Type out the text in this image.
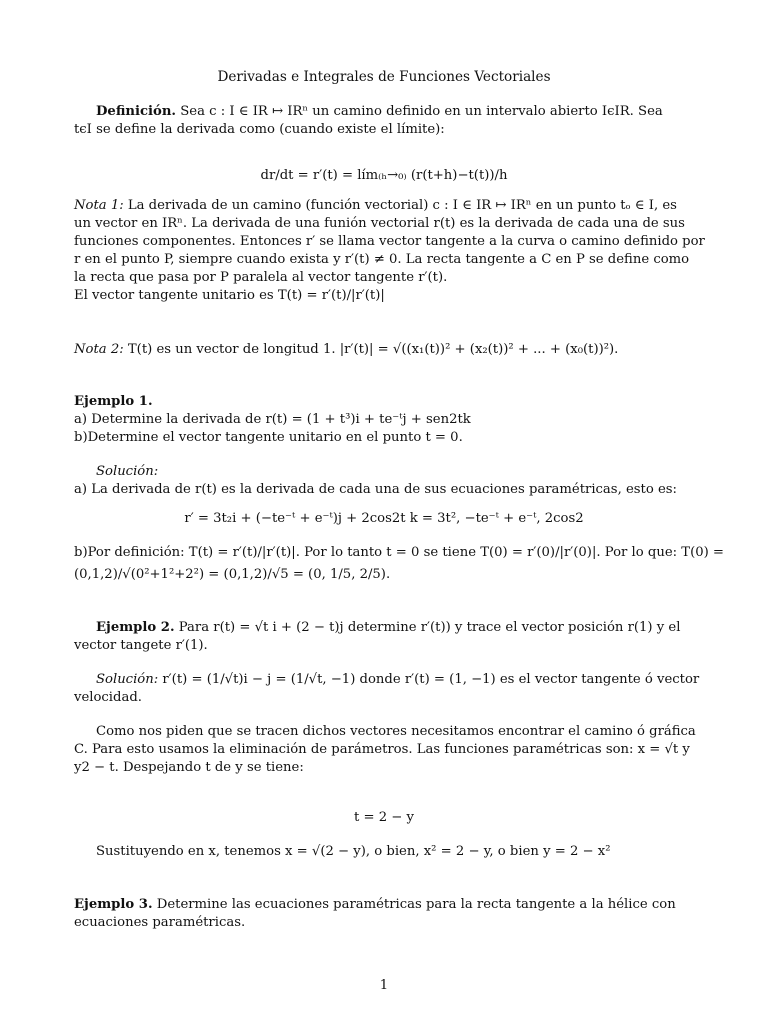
Derivadas e Integrales de Funciones Vectoriales
Definición. Sea c : I ∈ IR ↦ IRⁿ un camino definido en un intervalo abierto IϵIR. Sea
tϵI se define la derivada como (cuando existe el límite):
dr/dt = r′(t) = lím₍ₕ→₀₎ (r(t+h)−t(t))/h
Nota 1: La derivada de un camino (función vectorial) c : I ∈ IR ↦ IRⁿ en un punto tₒ ∈ I, es
un vector en IRⁿ. La derivada de una funión vectorial r(t) es la derivada de cada una de sus
funciones componentes. Entonces r′ se llama vector tangente a la curva o camino definido por
r en el punto P, siempre cuando exista y r′(t) ≠ 0. La recta tangente a C en P se define como
la recta que pasa por P paralela al vector tangente r′(t).
El vector tangente unitario es T(t) = r′(t)/|r′(t)|
Nota 2: T(t) es un vector de longitud 1. |r′(t)| = √((x₁(t))² + (x₂(t))² + ... + (x₀(t))²).
Ejemplo 1.
a) Determine la derivada de r(t) = (1 + t³)i + te⁻ᵗj + sen2tk
b)Determine el vector tangente unitario en el punto t = 0.
Solución:
a) La derivada de r(t) es la derivada de cada una de sus ecuaciones paramétricas, esto es:
r′ = 3t₂i + (−te⁻ᵗ + e⁻ᵗ)j + 2cos2t k = 3t², −te⁻ᵗ + e⁻ᵗ, 2cos2
b)Por definición: T(t) = r′(t)/|r′(t)|. Por lo tanto t = 0 se tiene T(0) = r′(0)/|r′(0)|. Por lo que: T(0) =
(0,1,2)/√(0²+1²+2²) = (0,1,2)/√5 = (0, 1/5, 2/5).
Ejemplo 2. Para r(t) = √t i + (2 − t)j determine r′(t)) y trace el vector posición r(1) y el
vector tangete r′(1).
Solución: r′(t) = (1/√t)i − j = (1/√t, −1) donde r′(t) = (1, −1) es el vector tangente ó vector
velocidad.
Como nos piden que se tracen dichos vectores necesitamos encontrar el camino ó gráfica
C. Para esto usamos la eliminación de parámetros. Las funciones paramétricas son: x = √t y
y2 − t. Despejando t de y se tiene:
t = 2 − y
Sustituyendo en x, tenemos x = √(2 − y), o bien, x² = 2 − y, o bien y = 2 − x²
Ejemplo 3. Determine las ecuaciones paramétricas para la recta tangente a la hélice con
ecuaciones paramétricas.
1
